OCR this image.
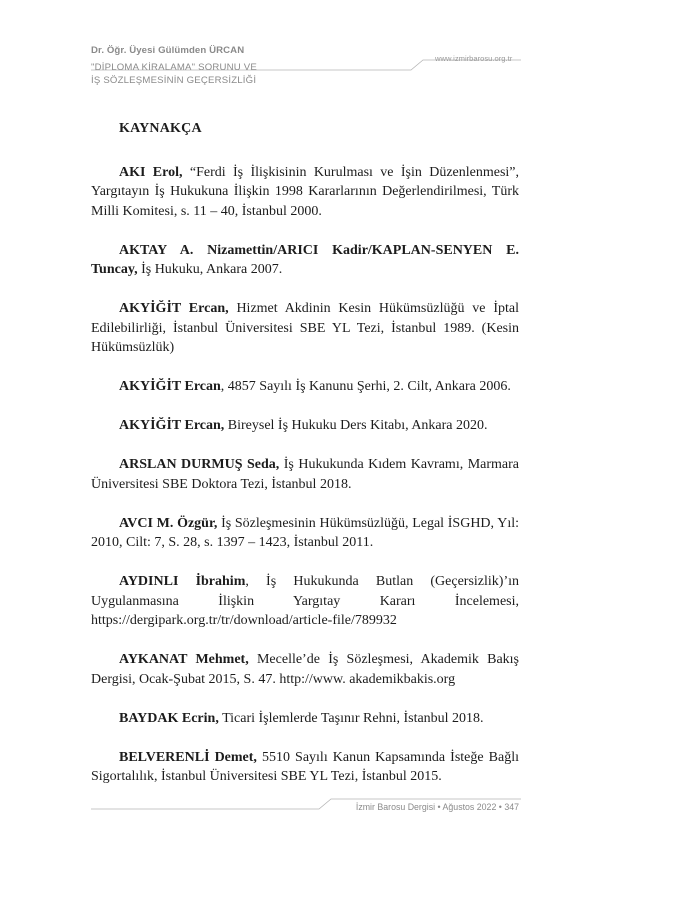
Dr. Öğr. Üyesi Gülümden ÜRCAN
www.izmirbarosu.org.tr
"DİPLOMA KİRALAMA" SORUNU VE
İŞ SÖZLEŞMESİNİN GEÇERSİZLİĞİ
KAYNAKÇA

AKI Erol, “Ferdi İş İlişkisinin Kurulması ve İşin Düzenlenmesi”, Yargıtayın İş Hukukuna İlişkin 1998 Kararlarının Değerlendirilmesi, Türk Milli Komitesi, s. 11 – 40, İstanbul 2000.

AKTAY A. Nizamettin/ARICI Kadir/KAPLAN-SENYEN E. Tuncay, İş Hukuku, Ankara 2007.

AKYİĞİT Ercan, Hizmet Akdinin Kesin Hükümsüzlüğü ve İptal Edilebilirliği, İstanbul Üniversitesi SBE YL Tezi, İstanbul 1989. (Kesin Hükümsüzlük)

AKYİĞİT Ercan, 4857 Sayılı İş Kanunu Şerhi, 2. Cilt, Ankara 2006.

AKYİĞİT Ercan, Bireysel İş Hukuku Ders Kitabı, Ankara 2020.

ARSLAN DURMUŞ Seda, İş Hukukunda Kıdem Kavramı, Marmara Üniversitesi SBE Doktora Tezi, İstanbul 2018.

AVCI M. Özgür, İş Sözleşmesinin Hükümsüzlüğü, Legal İSGHD, Yıl: 2010, Cilt: 7, S. 28, s. 1397 – 1423, İstanbul 2011.

AYDINLI İbrahim, İş Hukukunda Butlan (Geçersizlik)’ın Uygulanmasına İlişkin Yargıtay Kararı İncelemesi, https://dergipark.org.tr/tr/download/article-file/789932

AYKANAT Mehmet, Mecelle’de İş Sözleşmesi, Akademik Bakış Dergisi, Ocak-Şubat 2015, S. 47. http://www. akademikbakis.org

BAYDAK Ecrin, Ticari İşlemlerde Taşınır Rehni, İstanbul 2018.

BELVERENLİ Demet, 5510 Sayılı Kanun Kapsamında İsteğe Bağlı Sigortalılık, İstanbul Üniversitesi SBE YL Tezi, İstanbul 2015.

İzmir Barosu Dergisi • Ağustos 2022 • 347
